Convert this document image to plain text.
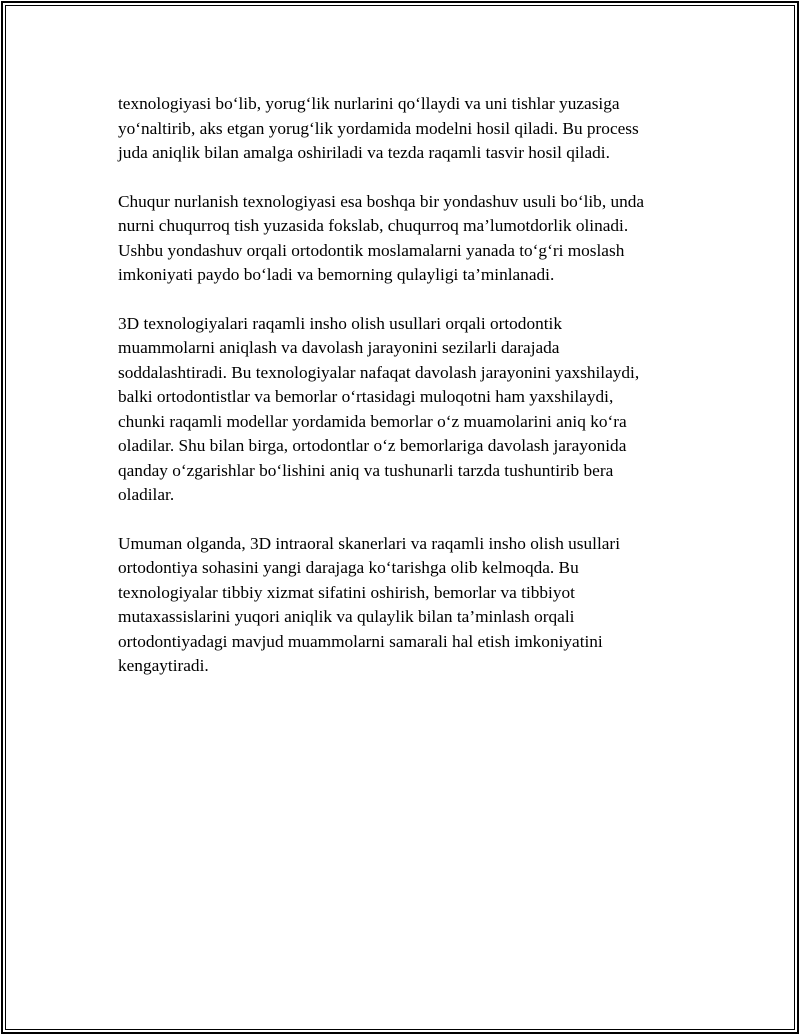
texnologiyasi bo‘lib, yorug‘lik nurlarini qo‘llaydi va uni tishlar yuzasiga
yo‘naltirib, aks etgan yorug‘lik yordamida modelni hosil qiladi. Bu process
juda aniqlik bilan amalga oshiriladi va tezda raqamli tasvir hosil qiladi.

Chuqur nurlanish texnologiyasi esa boshqa bir yondashuv usuli bo‘lib, unda
nurni chuqurroq tish yuzasida fokslab, chuqurroq ma’lumotdorlik olinadi.
Ushbu yondashuv orqali ortodontik moslamalarni yanada to‘g‘ri moslash
imkoniyati paydo bo‘ladi va bemorning qulayligi ta’minlanadi.

3D texnologiyalari raqamli insho olish usullari orqali ortodontik
muammolarni aniqlash va davolash jarayonini sezilarli darajada
soddalashtiradi. Bu texnologiyalar nafaqat davolash jarayonini yaxshilaydi,
balki ortodontistlar va bemorlar o‘rtasidagi muloqotni ham yaxshilaydi,
chunki raqamli modellar yordamida bemorlar o‘z muamolarini aniq ko‘ra
oladilar. Shu bilan birga, ortodontlar o‘z bemorlariga davolash jarayonida
qanday o‘zgarishlar bo‘lishini aniq va tushunarli tarzda tushuntirib bera
oladilar.

Umuman olganda, 3D intraoral skanerlari va raqamli insho olish usullari
ortodontiya sohasini yangi darajaga ko‘tarishga olib kelmoqda. Bu
texnologiyalar tibbiy xizmat sifatini oshirish, bemorlar va tibbiyot
mutaxassislarini yuqori aniqlik va qulaylik bilan ta’minlash orqali
ortodontiyadagi mavjud muammolarni samarali hal etish imkoniyatini
kengaytiradi.
